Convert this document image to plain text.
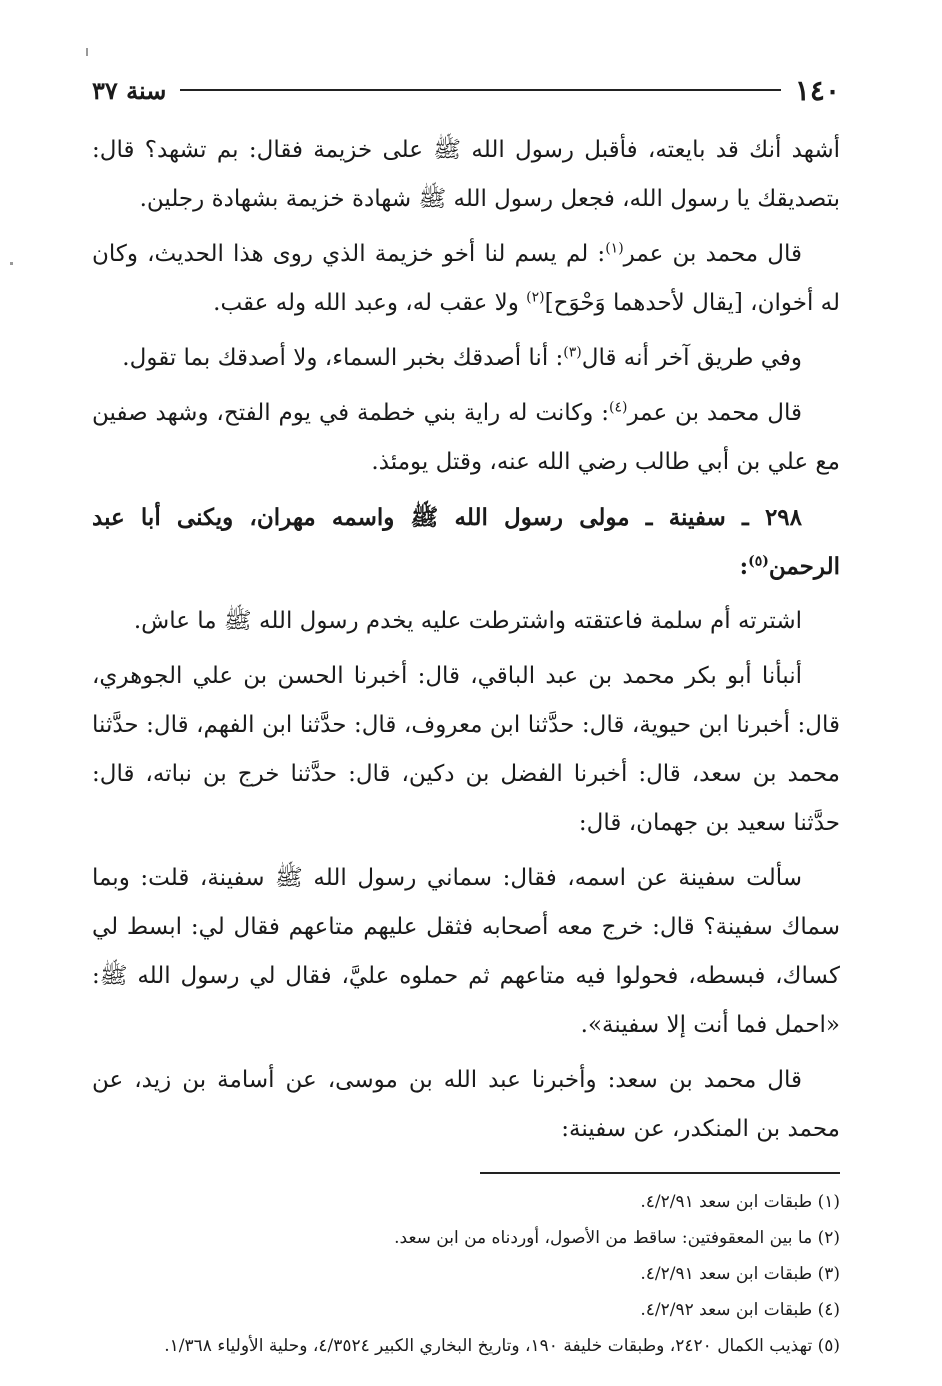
١٤٠
سنة ٣٧

أشهد أنك قد بايعته، فأقبل رسول الله ﷺ على خزيمة فقال: بم تشهد؟ قال: بتصديقك يا رسول الله، فجعل رسول الله ﷺ شهادة خزيمة بشهادة رجلين.

قال محمد بن عمر$^{(١)}$: لم يسم لنا أخو خزيمة الذي روى هذا الحديث، وكان له أخوان، [يقال لأحدهما وَحْوَح]$^{(٢)}$ ولا عقب له، وعبد الله وله عقب.

وفي طريق آخر أنه قال$^{(٣)}$: أنا أصدقك بخبر السماء، ولا أصدقك بما تقول.

قال محمد بن عمر$^{(٤)}$: وكانت له راية بني خطمة في يوم الفتح، وشهد صفين مع علي بن أبي طالب رضي الله عنه، وقتل يومئذ.

٢٩٨ ـ سفينة ـ مولى رسول الله ﷺ واسمه مهران، ويكنى أبا عبد الرحمن$^{(٥)}$:

اشترته أم سلمة فاعتقته واشترطت عليه يخدم رسول الله ﷺ ما عاش.

أنبأنا أبو بكر محمد بن عبد الباقي، قال: أخبرنا الحسن بن علي الجوهري، قال: أخبرنا ابن حيوية، قال: حدَّثنا ابن معروف، قال: حدَّثنا ابن الفهم، قال: حدَّثنا محمد بن سعد، قال: أخبرنا الفضل بن دكين، قال: حدَّثنا خرج بن نباته، قال: حدَّثنا سعيد بن جهمان، قال:

سألت سفينة عن اسمه، فقال: سماني رسول الله ﷺ سفينة، قلت: وبما سماك سفينة؟ قال: خرج معه أصحابه فثقل عليهم متاعهم فقال لي: ابسط لي كساك، فبسطه، فحولوا فيه متاعهم ثم حملوه عليَّ، فقال لي رسول الله ﷺ: «احمل فما أنت إلا سفينة».

قال محمد بن سعد: وأخبرنا عبد الله بن موسى، عن أسامة بن زيد، عن محمد بن المنكدر، عن سفينة:

(١) طبقات ابن سعد ٤/٢/٩١.

(٢) ما بين المعقوفتين: ساقط من الأصول، أوردناه من ابن سعد.

(٣) طبقات ابن سعد ٤/٢/٩١.

(٤) طبقات ابن سعد ٤/٢/٩٢.

(٥) تهذيب الكمال ٢٤٢٠، وطبقات خليفة ١٩٠، وتاريخ البخاري الكبير ٤/٣٥٢٤، وحلية الأولياء ١/٣٦٨.
